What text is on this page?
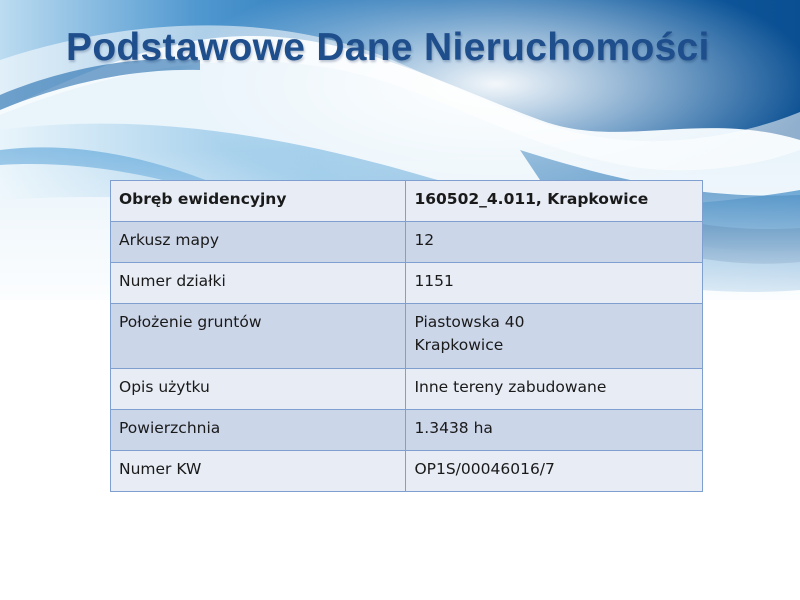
Podstawowe Dane Nieruchomości
Obręb ewidencyjny	160502_4.011, Krapkowice

Arkusz mapy	12

Numer działki	1151

Położenie gruntów	Piastowska 40
Krapkowice

Opis użytku	Inne tereny zabudowane

Powierzchnia	1.3438 ha

Numer KW	OP1S/00046016/7
